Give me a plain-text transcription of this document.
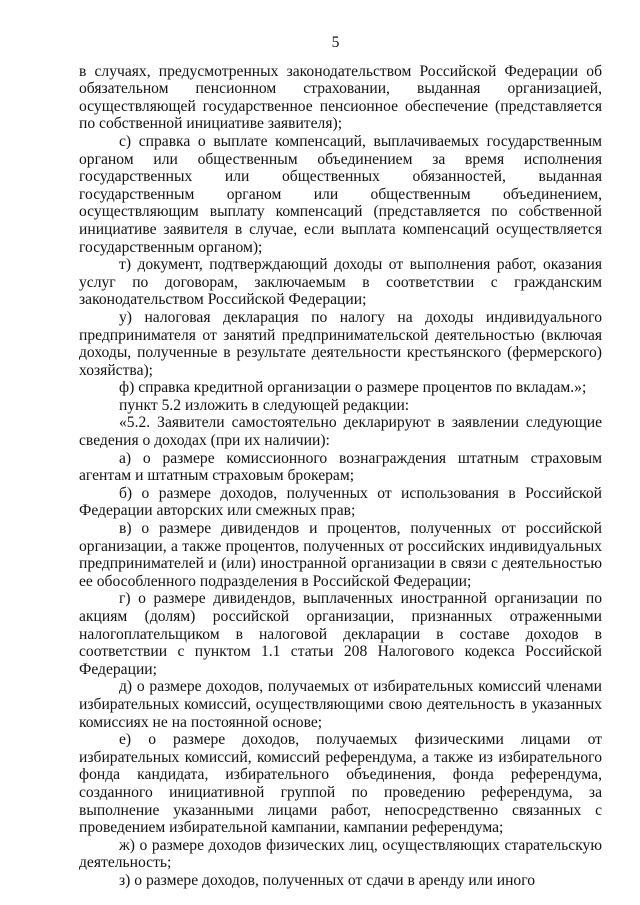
5

в случаях, предусмотренных законодательством Российской Федерации об обязательном пенсионном страховании, выданная организацией, осуществляющей государственное пенсионное обеспечение (представляется по собственной инициативе заявителя);

с) справка о выплате компенсаций, выплачиваемых государственным органом или общественным объединением за время исполнения государственных или общественных обязанностей, выданная государственным органом или общественным объединением, осуществляющим выплату компенсаций (представляется по собственной инициативе заявителя в случае, если выплата компенсаций осуществляется государственным органом);

т) документ, подтверждающий доходы от выполнения работ, оказания услуг по договорам, заключаемым в соответствии с гражданским законодательством Российской Федерации;

у) налоговая декларация по налогу на доходы индивидуального предпринимателя от занятий предпринимательской деятельностью (включая доходы, полученные в результате деятельности крестьянского (фермерского) хозяйства);

ф) справка кредитной организации о размере процентов по вкладам.»;

пункт 5.2 изложить в следующей редакции:

«5.2. Заявители самостоятельно декларируют в заявлении следующие сведения о доходах (при их наличии):

а) о размере комиссионного вознаграждения штатным страховым агентам и штатным страховым брокерам;

б) о размере доходов, полученных от использования в Российской Федерации авторских или смежных прав;

в) о размере дивидендов и процентов, полученных от российской организации, а также процентов, полученных от российских индивидуальных предпринимателей и (или) иностранной организации в связи с деятельностью ее обособленного подразделения в Российской Федерации;

г) о размере дивидендов, выплаченных иностранной организации по акциям (долям) российской организации, признанных отраженными налогоплательщиком в налоговой декларации в составе доходов в соответствии с пунктом 1.1 статьи 208 Налогового кодекса Российской Федерации;

д) о размере доходов, получаемых от избирательных комиссий членами избирательных комиссий, осуществляющими свою деятельность в указанных комиссиях не на постоянной основе;

е) о размере доходов, получаемых физическими лицами от избирательных комиссий, комиссий референдума, а также из избирательного фонда кандидата, избирательного объединения, фонда референдума, созданного инициативной группой по проведению референдума, за выполнение указанными лицами работ, непосредственно связанных с проведением избирательной кампании, кампании референдума;

ж) о размере доходов физических лиц, осуществляющих старательскую деятельность;

з) о размере доходов, полученных от сдачи в аренду или иного
